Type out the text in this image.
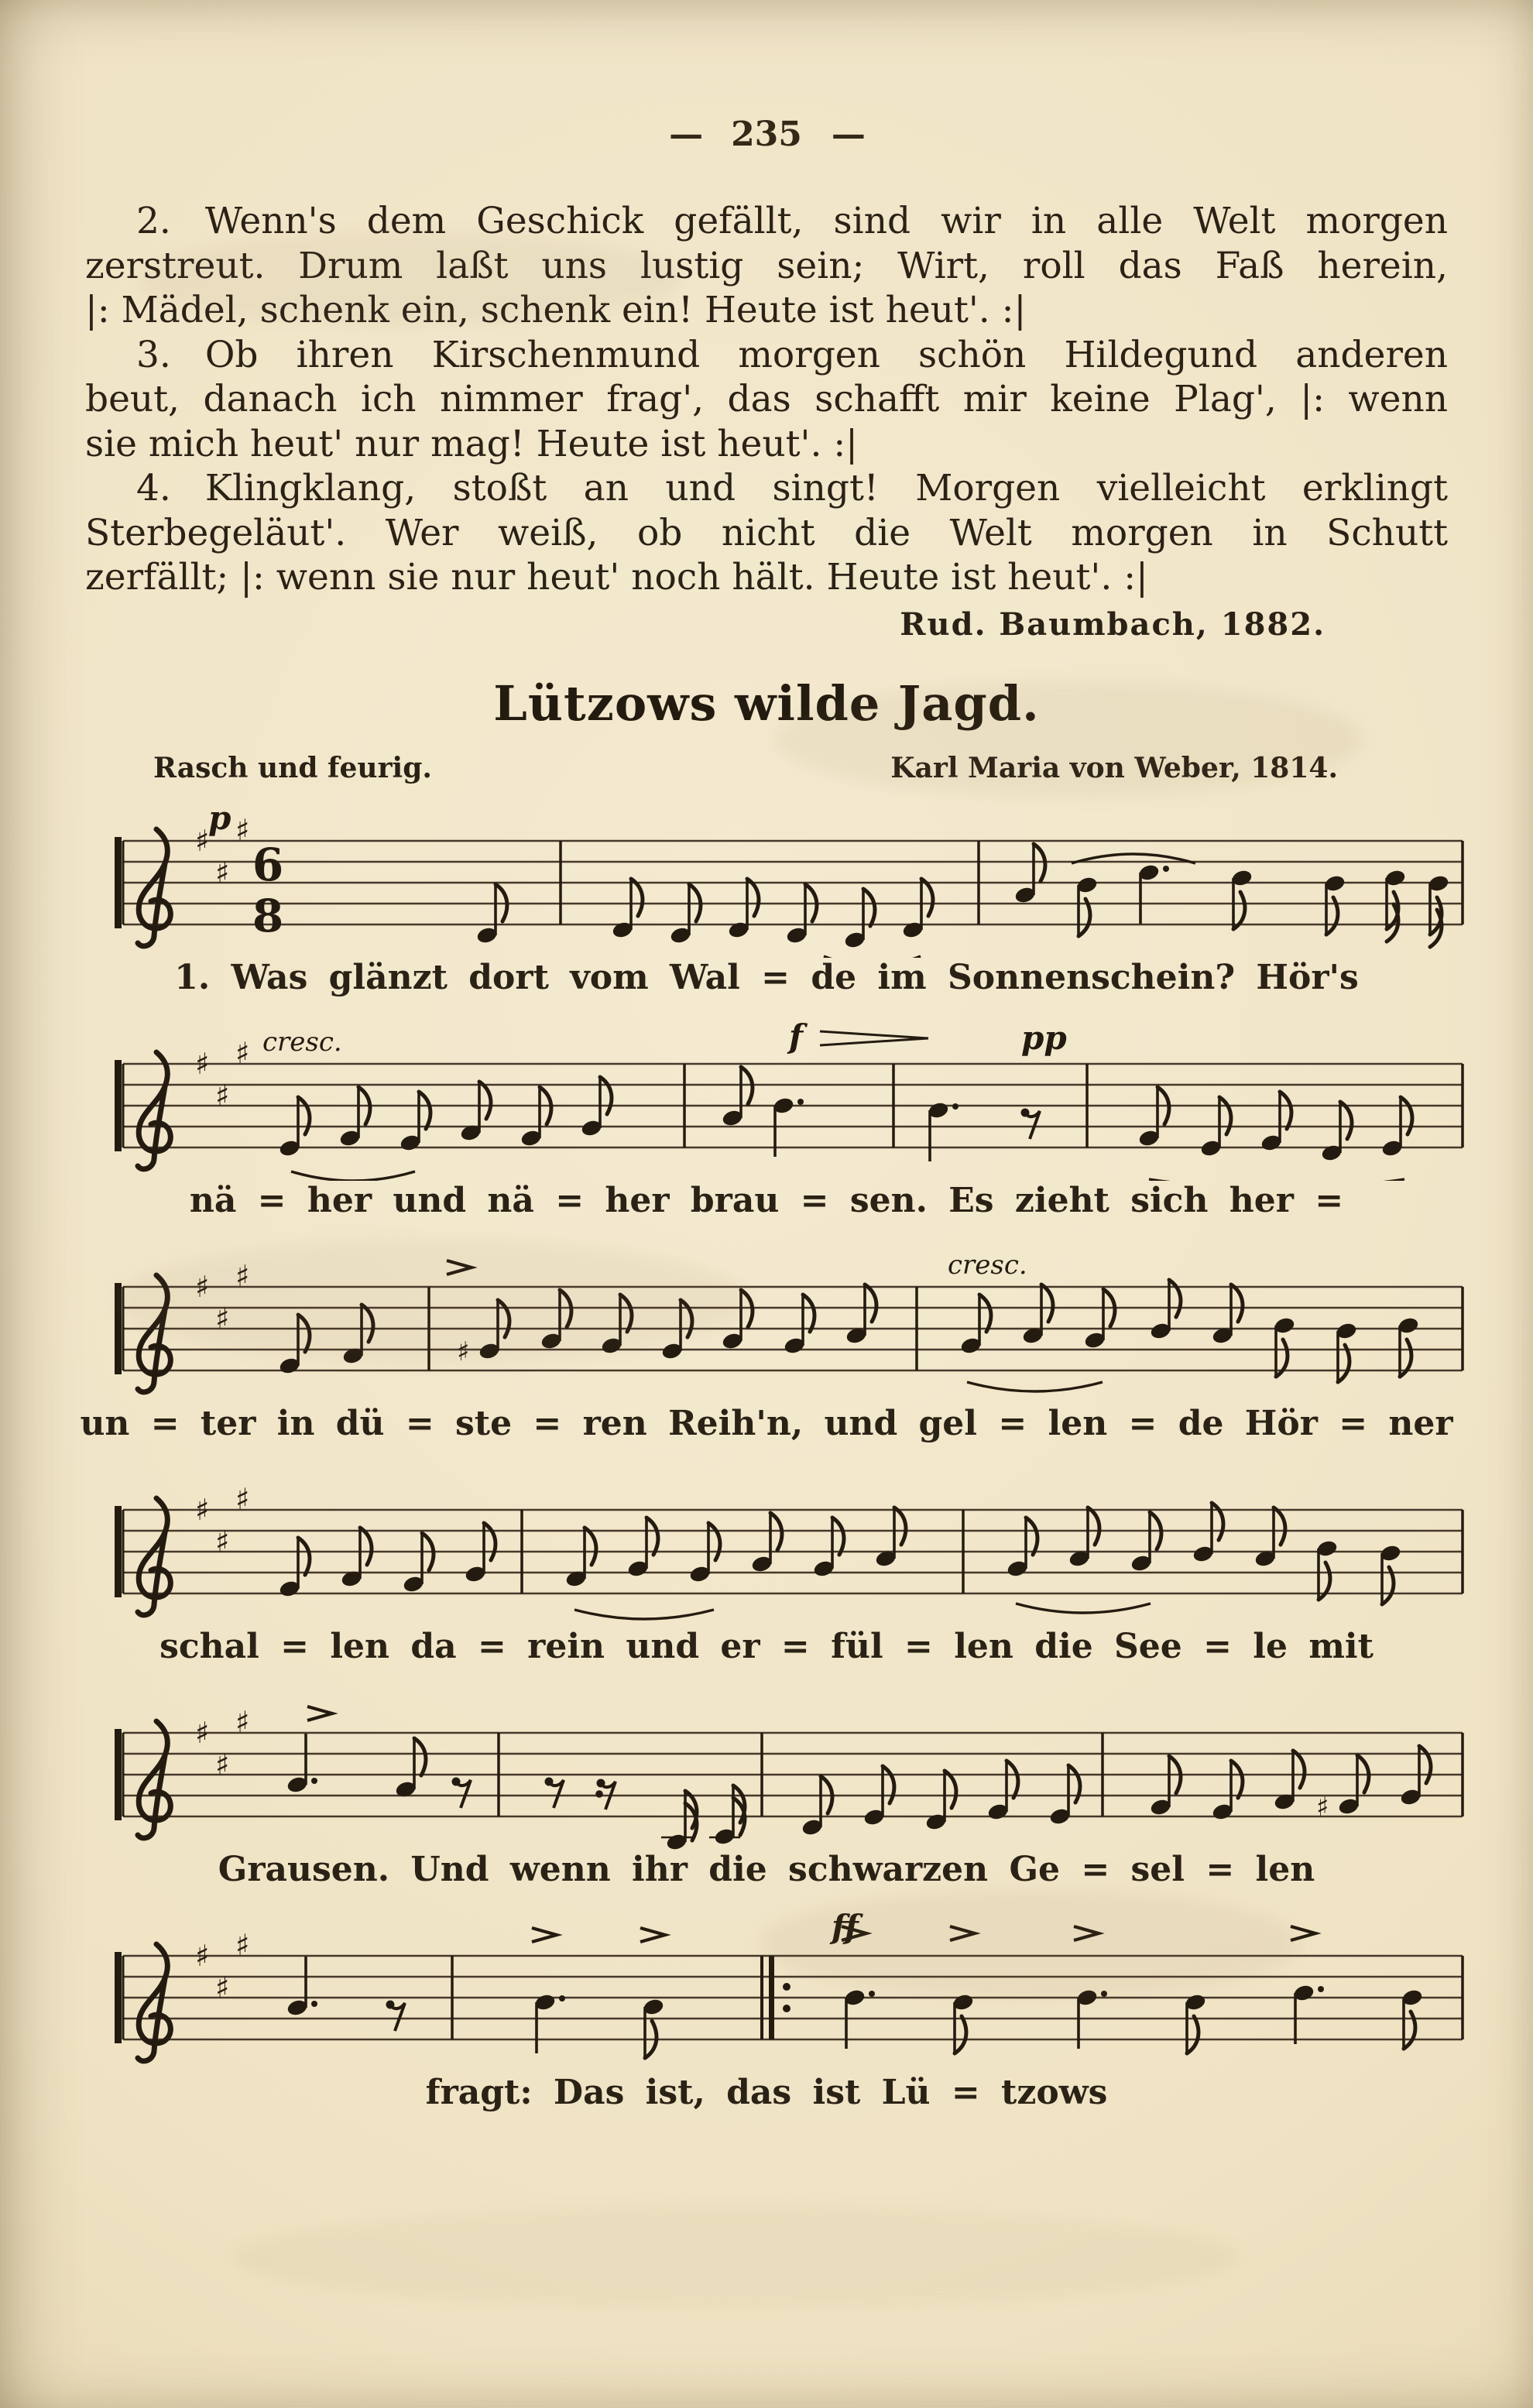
— 235 —

2. Wenn's dem Geschick gefällt, sind wir in alle Welt morgen

zerstreut. Drum laßt uns lustig sein; Wirt, roll das Faß herein,

|: Mädel, schenk ein, schenk ein! Heute ist heut'. :|

3. Ob ihren Kirschenmund morgen schön Hildegund anderen

beut, danach ich nimmer frag', das schafft mir keine Plag', |: wenn

sie mich heut' nur mag! Heute ist heut'. :|

4. Klingklang, stoßt an und singt! Morgen vielleicht erklingt

Sterbegeläut'. Wer weiß, ob nicht die Welt morgen in Schutt

zerfällt; |: wenn sie nur heut' noch hält. Heute ist heut'. :|

Rud. Baumbach, 1882.
Lützows wilde Jagd.
Rasch und feurig.	Karl Maria von Weber, 1814.
♯
♯
♯
6
8
p
1. Was glänzt dort vom Wal = de im Sonnenschein? Hör's
♯
♯
♯ cresc.	f	pp
nä = her und nä = her brau = sen. Es zieht sich her =
♯
♯
♯
♯
cresc.
un = ter in dü = ste = ren Reih'n, und gel = len = de Hör = ner
♯
♯
♯
schal = len da = rein und er = fül = len die See = le mit
♯
♯
♯
♯
Grausen. Und wenn ihr die schwarzen Ge = sel = len
♯
♯
♯	ff
fragt: Das ist, das ist Lü = tzows
